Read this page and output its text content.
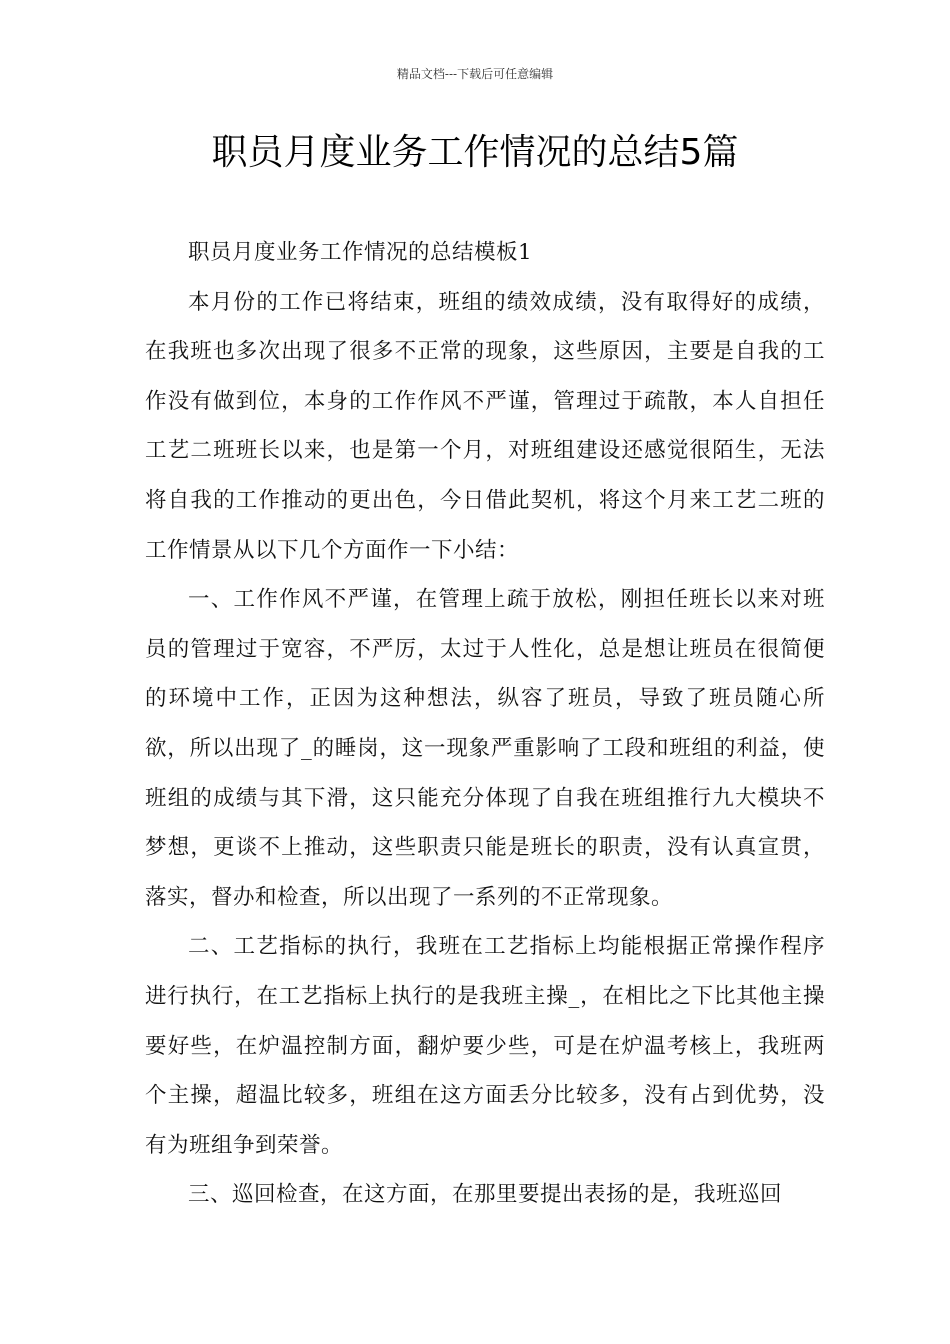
精品文档---下载后可任意编辑
职员月度业务工作情况的总结5篇

职员月度业务工作情况的总结模板1

本月份的工作已将结束，班组的绩效成绩，没有取得好的成绩，在我班也多次出现了很多不正常的现象，这些原因，主要是自我的工作没有做到位，本身的工作作风不严谨，管理过于疏散，本人自担任工艺二班班长以来，也是第一个月，对班组建设还感觉很陌生，无法将自我的工作推动的更出色，今日借此契机，将这个月来工艺二班的工作情景从以下几个方面作一下小结：

一、工作作风不严谨，在管理上疏于放松，刚担任班长以来对班员的管理过于宽容，不严厉，太过于人性化，总是想让班员在很简便的环境中工作，正因为这种想法，纵容了班员，导致了班员随心所欲，所以出现了_的睡岗，这一现象严重影响了工段和班组的利益，使班组的成绩与其下滑，这只能充分体现了自我在班组推行九大模块不梦想，更谈不上推动，这些职责只能是班长的职责，没有认真宣贯，落实，督办和检查，所以出现了一系列的不正常现象。

二、工艺指标的执行，我班在工艺指标上均能根据正常操作程序进行执行，在工艺指标上执行的是我班主操_，在相比之下比其他主操要好些，在炉温控制方面，翻炉要少些，可是在炉温考核上，我班两个主操，超温比较多，班组在这方面丢分比较多，没有占到优势，没有为班组争到荣誉。

三、巡回检查，在这方面，在那里要提出表扬的是，我班巡回
